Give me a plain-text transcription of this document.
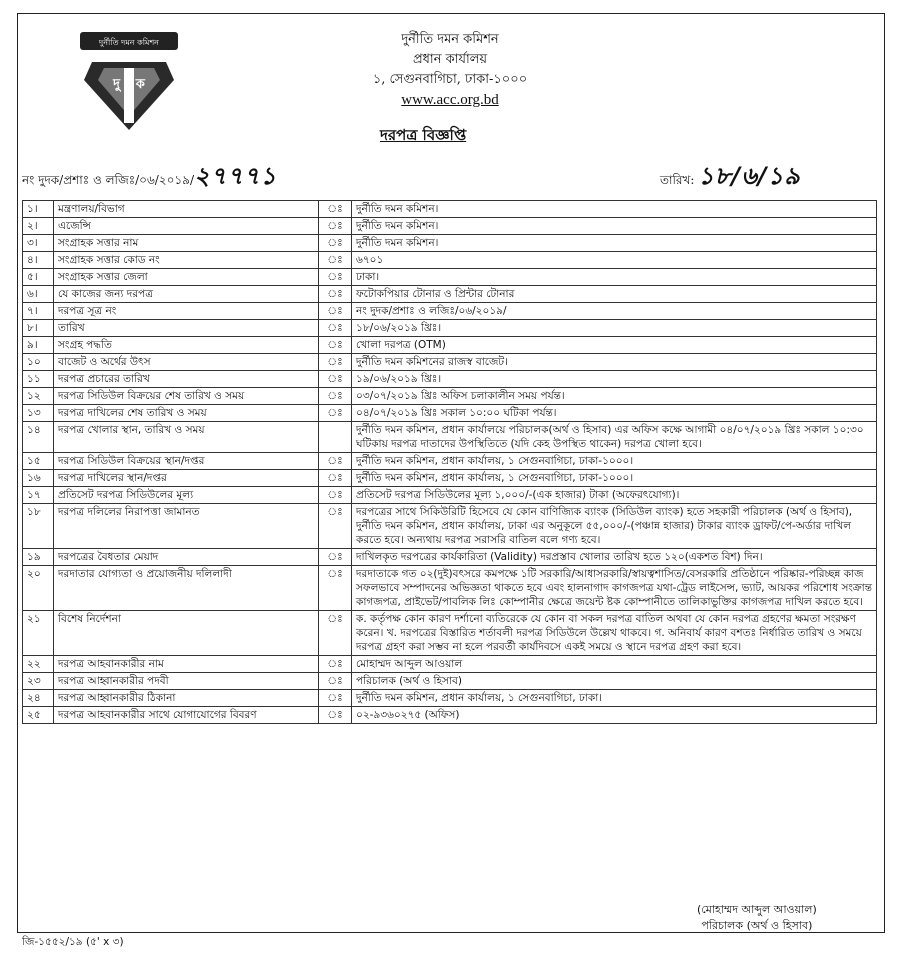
দুর্নীতি দমন কমিশন
দু দ ক
দুর্নীতি দমন কমিশন
প্রধান কার্যালয়
১, সেগুনবাগিচা, ঢাকা-১০০০
www.acc.org.bd
দরপত্র বিজ্ঞপ্তি
নং দুদক/প্রশাঃ ও লজিঃ/০৬/২০১৯/২৭৭৭১	তারিখ: ১৮/৬/১৯
১।	মন্ত্রণালয়/বিভাগ	ঃ	দুর্নীতি দমন কমিশন।
২।	এজেন্সি	ঃ	দুর্নীতি দমন কমিশন।
৩।	সংগ্রাহক সত্তার নাম	ঃ	দুর্নীতি দমন কমিশন।
৪।	সংগ্রাহক সত্তার কোড নং	ঃ	৬৭০১
৫।	সংগ্রাহক সত্তার জেলা	ঃ	ঢাকা।
৬।	যে কাজের জন্য দরপত্র	ঃ	ফটোকপিয়ার টোনার ও প্রিন্টার টোনার
৭।	দরপত্র সূত্র নং	ঃ	নং দুদক/প্রশাঃ ও লজিঃ/০৬/২০১৯/
৮।	তারিখ	ঃ	১৮/০৬/২০১৯ খ্রিঃ।
৯।	সংগ্রহ পদ্ধতি	ঃ	খোলা দরপত্র (OTM)
১০	বাজেট ও অর্থের উৎস	ঃ	দুর্নীতি দমন কমিশনের রাজস্ব বাজেট।
১১	দরপত্র প্রচারের তারিখ	ঃ	১৯/০৬/২০১৯ খ্রিঃ।
১২	দরপত্র সিডিউল বিক্রয়ের শেষ তারিখ ও সময়	ঃ	০৩/০৭/২০১৯ খ্রিঃ অফিস চলাকালীন সময় পর্যন্ত।
১৩	দরপত্র দাখিলের শেষ তারিখ ও সময়	ঃ	০৪/০৭/২০১৯ খ্রিঃ সকাল ১০:০০ ঘটিকা পর্যন্ত।
১৪	দরপত্র খোলার স্থান, তারিখ ও সময়		দুর্নীতি দমন কমিশন, প্রধান কার্যালয়ে পরিচালক(অর্থ ও হিসাব) এর অফিস কক্ষে আগামী ০৪/০৭/২০১৯ খ্রিঃ সকাল ১০:৩০ ঘটিকায় দরপত্র দাতাদের উপস্থিতিতে (যদি কেহ উপস্থিত থাকেন) দরপত্র খোলা হবে।
১৫	দরপত্র সিডিউল বিক্রয়ের স্থান/দপ্তর	ঃ	দুর্নীতি দমন কমিশন, প্রধান কার্যালয়, ১ সেগুনবাগিচা, ঢাকা-১০০০।
১৬	দরপত্র দাখিলের স্থান/দপ্তর	ঃ	দুর্নীতি দমন কমিশন, প্রধান কার্যালয়, ১ সেগুনবাগিচা, ঢাকা-১০০০।
১৭	প্রতিসেট দরপত্র সিডিউলের মূল্য	ঃ	প্রতিসেট দরপত্র সিডিউলের মূল্য ১,০০০/-(এক হাজার) টাকা (অফেরৎযোগ্য)।
১৮	দরপত্র দলিলের নিরাপত্তা জামানত	ঃ	দরপত্রের সাথে সিকিউরিটি হিসেবে যে কোন বাণিজ্যিক ব্যাংক (সিডিউল ব্যাংক) হতে সহকারী পরিচালক (অর্থ ও হিসাব), দুর্নীতি দমন কমিশন, প্রধান কার্যালয়, ঢাকা এর অনুকূলে ৫৫,০০০/-(পঞ্চান্ন হাজার) টাকার ব্যাংক ড্রাফট/পে-অর্ডার দাখিল করতে হবে। অন্যথায় দরপত্র সরাসরি বাতিল বলে গণ্য হবে।
১৯	দরপত্রের বৈধতার মেয়াদ	ঃ	দাখিলকৃত দরপত্রের কার্যকারিতা (Validity) দরপ্রস্তাব খোলার তারিখ হতে ১২০(একশত বিশ) দিন।
২০	দরদাতার যোগ্যতা ও প্রয়োজনীয় দলিলাদী	ঃ	দরদাতাকে গত ০২(দুই)বৎসরে কমপক্ষে ১টি সরকারি/আধাসরকারি/স্বায়ত্বশাসিত/বেসরকারি প্রতিষ্ঠানে পরিষ্কার-পরিচ্ছন্ন কাজ সফলভাবে সম্পাদনের অভিজ্ঞতা থাকতে হবে এবং হালনাগাদ কাগজপত্র যথা-ট্রেড লাইসেন্স, ভ্যাট, আয়কর পরিশোধ সংক্রান্ত কাগজপত্র, প্রাইভেট/পাবলিক লিঃ কোম্পানীর ক্ষেত্রে জয়েন্ট ষ্টক কোম্পানীতে তালিকাভুক্তির কাগজপত্র দাখিল করতে হবে।
২১	বিশেষ নির্দেশনা	ঃ	ক. কর্তৃপক্ষ কোন কারণ দর্শানো ব্যতিরেকে যে কোন বা সকল দরপত্র বাতিল অথবা যে কোন দরপত্র গ্রহণের ক্ষমতা সংরক্ষণ করেন। খ. দরপত্রের বিস্তারিত শর্তাবলী দরপত্র সিডিউলে উল্লেখ থাকবে। গ. অনিবার্য কারণ বশতঃ নির্ধারিত তারিখ ও সময়ে দরপত্র গ্রহণ করা সম্ভব না হলে পরবর্তী কার্যদিবসে একই সময়ে ও স্থানে দরপত্র গ্রহণ করা হবে।
২২	দরপত্র আহবানকারীর নাম	ঃ	মোহাম্মদ আব্দুল আওয়াল
২৩	দরপত্র আহ্বানকারীর পদবী	ঃ	পরিচালক (অর্থ ও হিসাব)
২৪	দরপত্র আহ্বানকারীর ঠিকানা	ঃ	দুর্নীতি দমন কমিশন, প্রধান কার্যালয়, ১ সেগুনবাগিচা, ঢাকা।
২৫	দরপত্র আহবানকারীর সাথে যোগাযোগের বিবরণ	ঃ	০২-৯৩৬০২৭৫ (অফিস)
(মোহাম্মদ আব্দুল আওয়াল)
পরিচালক (অর্থ ও হিসাব)
জি-১৫৫২/১৯ (৫' x ৩)
